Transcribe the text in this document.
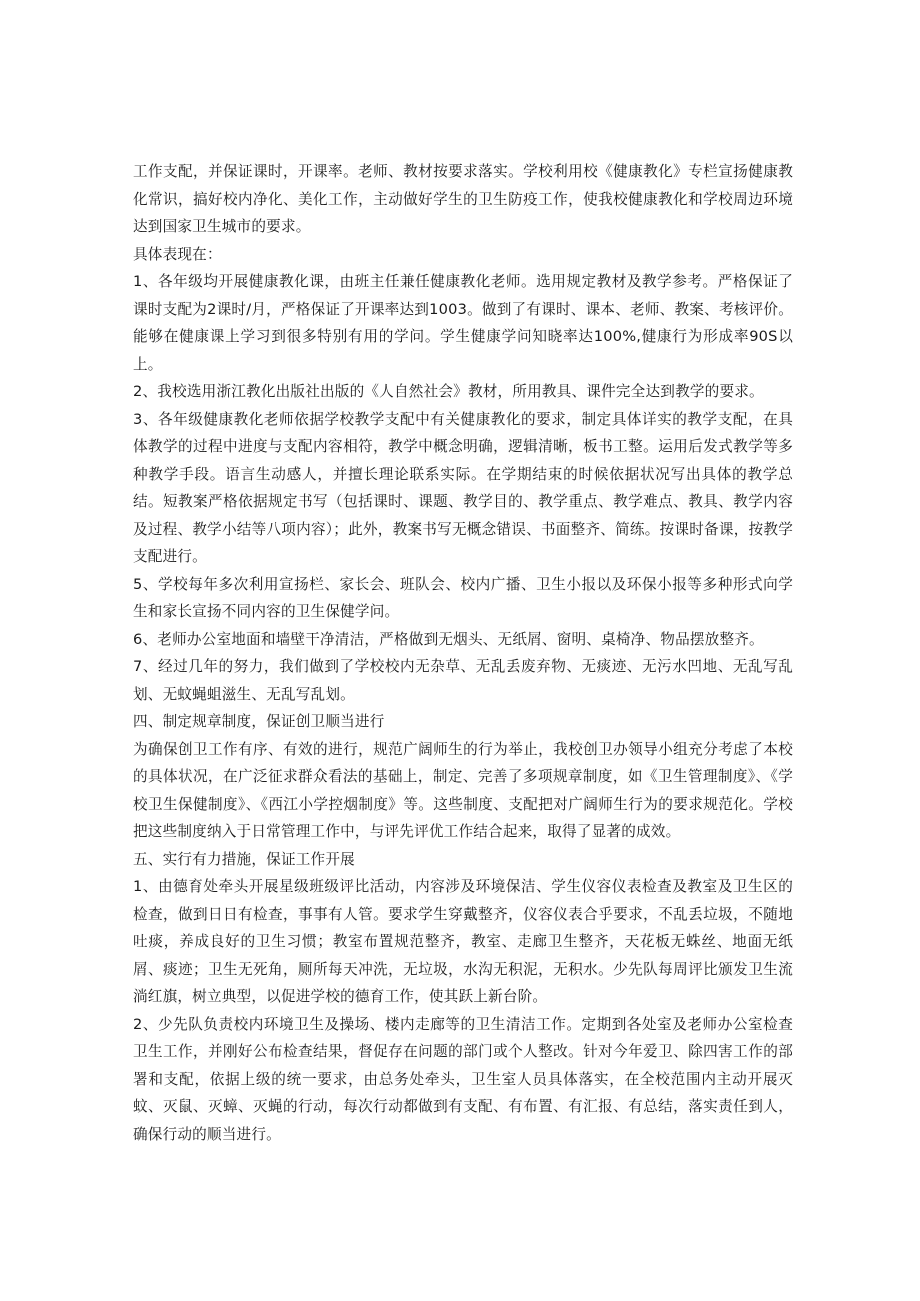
工作支配，并保证课时，开课率。老师、教材按要求落实。学校利用校《健康教化》专栏宣扬健康教化常识，搞好校内净化、美化工作，主动做好学生的卫生防疫工作，使我校健康教化和学校周边环境达到国家卫生城市的要求。

具体表现在：

1、各年级均开展健康教化课，由班主任兼任健康教化老师。选用规定教材及教学参考。严格保证了课时支配为2课时/月，严格保证了开课率达到1003。做到了有课时、课本、老师、教案、考核评价。能够在健康课上学习到很多特别有用的学问。学生健康学问知晓率达100%,健康行为形成率90S以上。

2、我校选用浙江教化出版社出版的《人自然社会》教材，所用教具、课件完全达到教学的要求。

3、各年级健康教化老师依据学校教学支配中有关健康教化的要求，制定具体详实的教学支配，在具体教学的过程中进度与支配内容相符，教学中概念明确，逻辑清晰，板书工整。运用后发式教学等多种教学手段。语言生动感人，并擅长理论联系实际。在学期结束的时候依据状况写出具体的教学总结。短教案严格依据规定书写（包括课时、课题、教学目的、教学重点、教学难点、教具、教学内容及过程、教学小结等八项内容）；此外，教案书写无概念错误、书面整齐、简练。按课时备课，按教学支配进行。

5、学校每年多次利用宣扬栏、家长会、班队会、校内广播、卫生小报以及环保小报等多种形式向学生和家长宣扬不同内容的卫生保健学问。

6、老师办公室地面和墙壁干净清洁，严格做到无烟头、无纸屑、窗明、桌椅净、物品摆放整齐。

7、经过几年的努力，我们做到了学校校内无杂草、无乱丢废弃物、无痰迹、无污水凹地、无乱写乱划、无蚊蝇蛆滋生、无乱写乱划。

四、制定规章制度，保证创卫顺当进行

为确保创卫工作有序、有效的进行，规范广阔师生的行为举止，我校创卫办领导小组充分考虑了本校的具体状况，在广泛征求群众看法的基础上，制定、完善了多项规章制度，如《卫生管理制度》、《学校卫生保健制度》、《西江小学控烟制度》等。这些制度、支配把对广阔师生行为的要求规范化。学校把这些制度纳入于日常管理工作中，与评先评优工作结合起来，取得了显著的成效。

五、实行有力措施，保证工作开展

1、由德育处牵头开展星级班级评比活动，内容涉及环境保洁、学生仪容仪表检查及教室及卫生区的检查，做到日日有检查，事事有人管。要求学生穿戴整齐，仪容仪表合乎要求，不乱丢垃圾，不随地吐痰，养成良好的卫生习惯；教室布置规范整齐，教室、走廊卫生整齐，天花板无蛛丝、地面无纸屑、痰迹；卫生无死角，厕所每天冲洗，无垃圾，水沟无积泥，无积水。少先队每周评比颁发卫生流淌红旗，树立典型，以促进学校的德育工作，使其跃上新台阶。

2、少先队负责校内环境卫生及操场、楼内走廊等的卫生清洁工作。定期到各处室及老师办公室检查卫生工作，并刚好公布检查结果，督促存在问题的部门或个人整改。针对今年爱卫、除四害工作的部署和支配，依据上级的统一要求，由总务处牵头，卫生室人员具体落实，在全校范围内主动开展灭蚊、灭鼠、灭蟑、灭蝇的行动，每次行动都做到有支配、有布置、有汇报、有总结，落实责任到人，确保行动的顺当进行。
